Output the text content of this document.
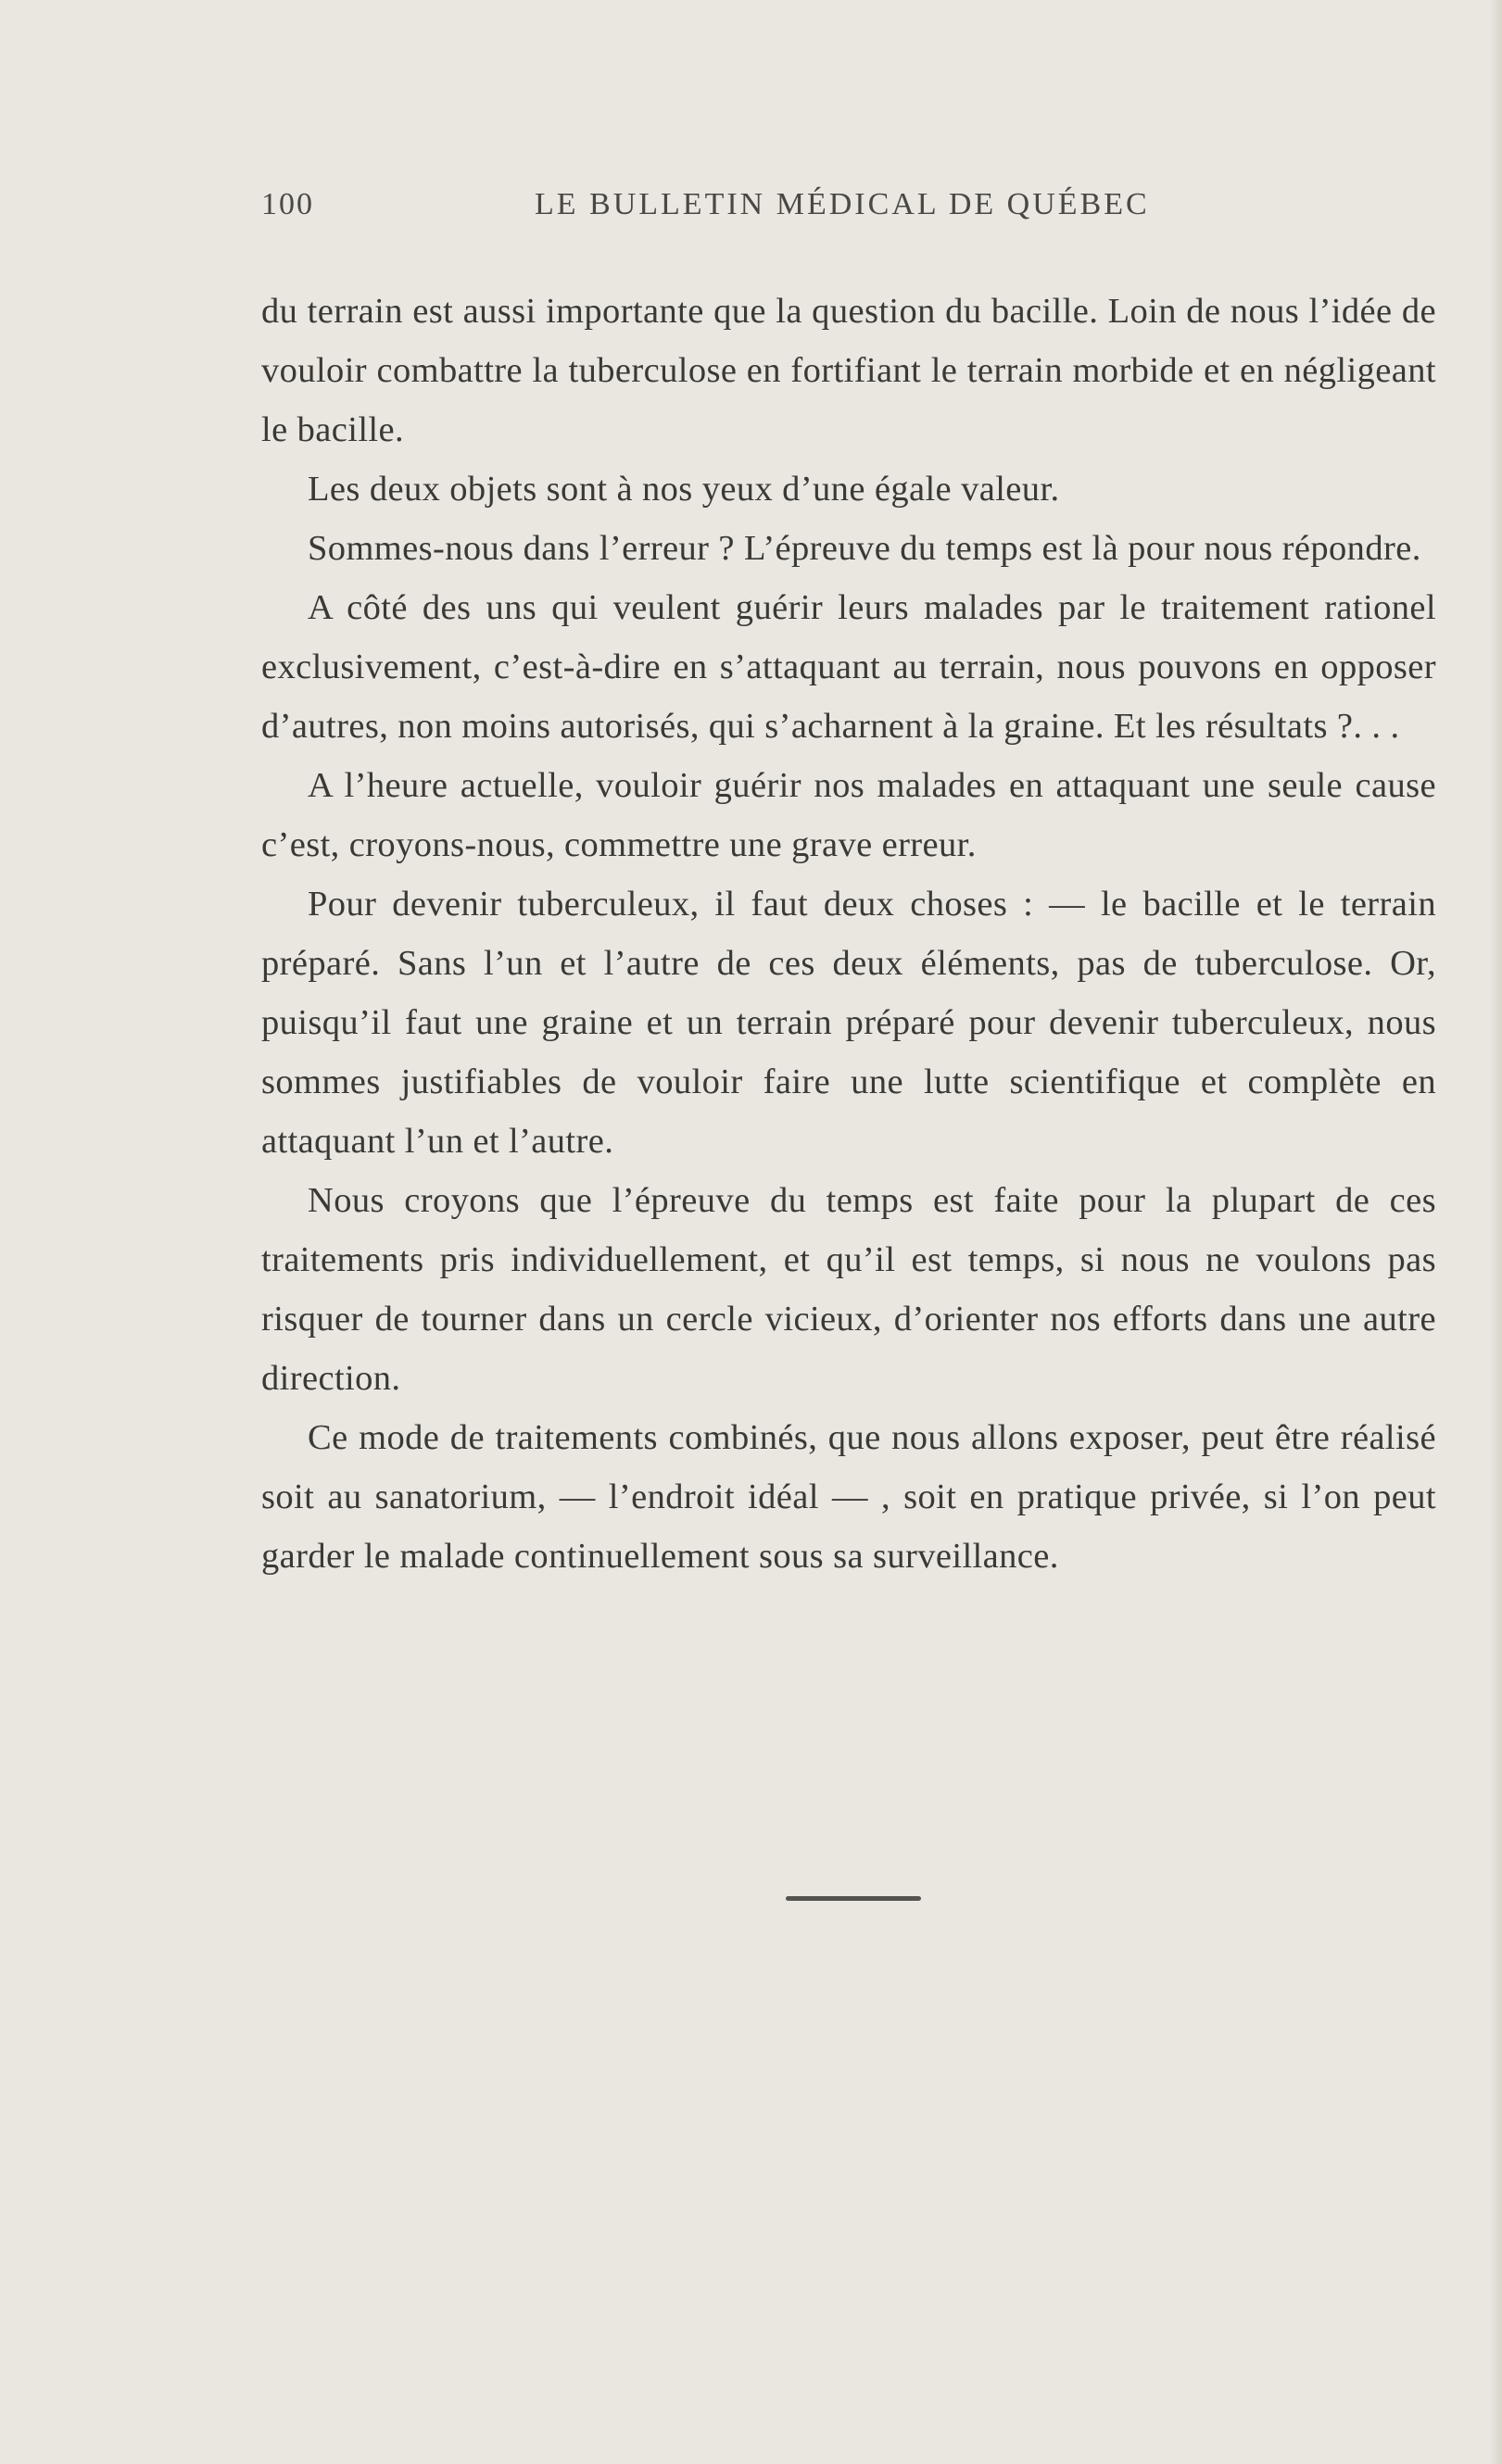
100	LE BULLETIN MÉDICAL DE QUÉBEC

du terrain est aussi importante que la question du bacille. Loin de nous l’idée de vouloir combattre la tuberculose en fortifiant le terrain morbide et en négligeant le bacille.

Les deux objets sont à nos yeux d’une égale valeur.

Sommes-nous dans l’erreur ? L’épreuve du temps est là pour nous répondre.

A côté des uns qui veulent guérir leurs malades par le traitement rationel exclusivement, c’est-à-dire en s’attaquant au terrain, nous pouvons en opposer d’autres, non moins autorisés, qui s’acharnent à la graine. Et les résultats ?. . .

A l’heure actuelle, vouloir guérir nos malades en attaquant une seule cause c’est, croyons-nous, commettre une grave erreur.

Pour devenir tuberculeux, il faut deux choses : — le bacille et le terrain préparé. Sans l’un et l’autre de ces deux éléments, pas de tuberculose. Or, puisqu’il faut une graine et un terrain préparé pour devenir tuberculeux, nous sommes justifiables de vouloir faire une lutte scientifique et complète en attaquant l’un et l’autre.

Nous croyons que l’épreuve du temps est faite pour la plupart de ces traitements pris individuellement, et qu’il est temps, si nous ne voulons pas risquer de tourner dans un cercle vicieux, d’orienter nos efforts dans une autre direction.

Ce mode de traitements combinés, que nous allons exposer, peut être réalisé soit au sanatorium, — l’endroit idéal — , soit en pratique privée, si l’on peut garder le malade continuellement sous sa surveillance.
